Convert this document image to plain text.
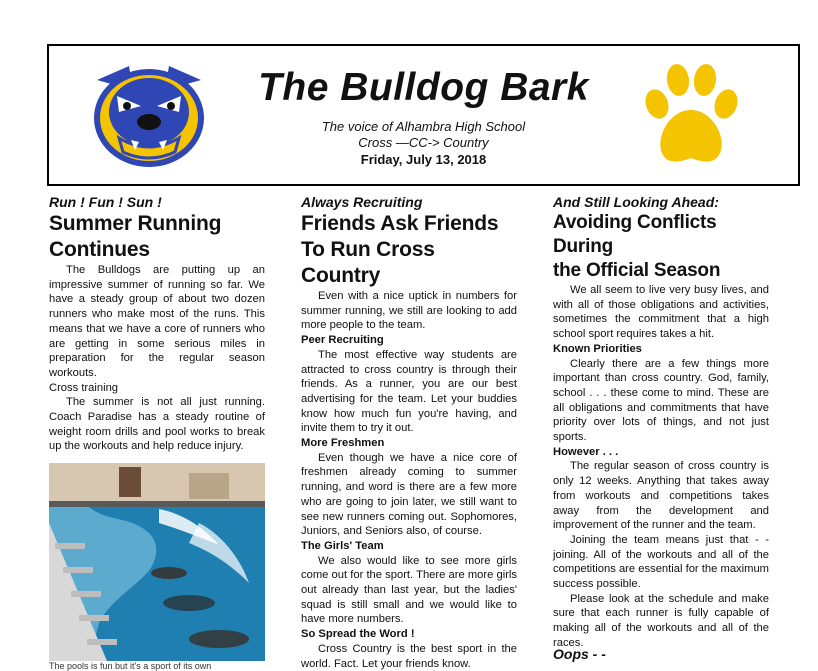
The Bulldog Bark
The voice of Alhambra High School
Cross —CC-> Country
Friday, July 13, 2018
Run ! Fun ! Sun !
Summer Running
Continues

The Bulldogs are putting up an impressive summer of running so far. We have a steady group of about two dozen runners who make most of the runs. This means that we have a core of runners who are getting in some serious miles in preparation for the regular season workouts.

Cross training

The summer is not all just running. Coach Paradise has a steady routine of weight room drills and pool works to break up the workouts and help reduce injury.

The pools is fun but it's a sport of its own
Always Recruiting
Friends Ask Friends
To Run Cross Country

Even with a nice uptick in numbers for summer running, we still are looking to add more people to the team.

Peer Recruiting

The most effective way students are attracted to cross country is through their friends. As a runner, you are our best advertising for the team. Let your buddies know how much fun you're having, and invite them to try it out.

More Freshmen

Even though we have a nice core of freshmen already coming to summer running, and word is there are a few more who are going to join later, we still want to see new runners coming out. Sophomores, Juniors, and Seniors also, of course.

The Girls' Team

We also would like to see more girls come out for the sport. There are more girls out already than last year, but the ladies' squad is still small and we would like to have more numbers.

So Spread the Word !

Cross Country is the best sport in the world. Fact. Let your friends know.

And Still Looking Ahead:
Avoiding Conflicts During
the Official Season

We all seem to live very busy lives, and with all of those obligations and activities, sometimes the commitment that a high school sport requires takes a hit.

Known Priorities

Clearly there are a few things more important than cross country. God, family, school . . . these come to mind. These are all obligations and commitments that have priority over lots of things, and not just sports.

However . . .

The regular season of cross country is only 12 weeks. Anything that takes away from workouts and competitions takes away from the development and improvement of the runner and the team.

Joining the team means just that - - joining. All of the workouts and all of the competitions are essential for the maximum success possible.

Please look at the schedule and make sure that each runner is fully capable of making all of the workouts and all of the races.

Oops - -
